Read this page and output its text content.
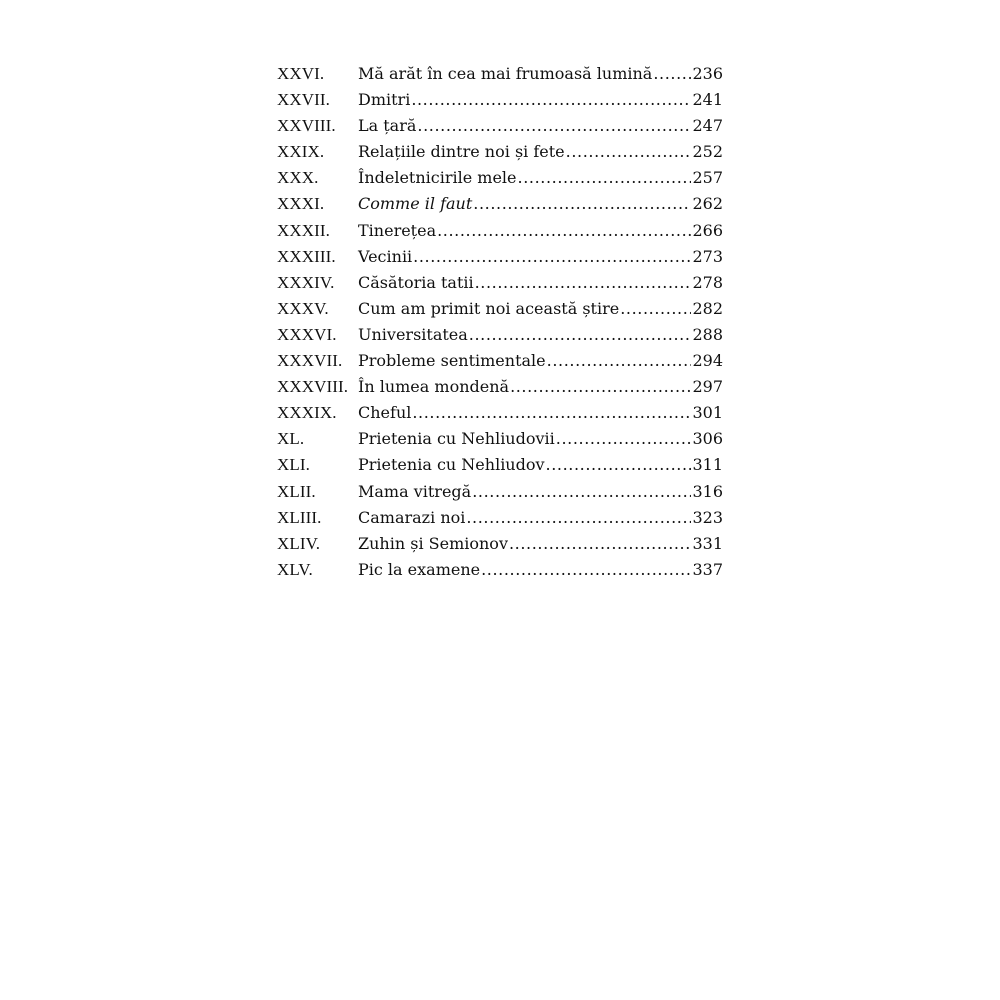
XXVI.	Mă arăt în cea mai frumoasă lumină .....	236
XXVII.	Dmitri .....	241
XXVIII.	La țară .....	247
XXIX.	Relațiile dintre noi și fete .....	252
XXX.	Îndeletnicirile mele .....	257
XXXI.	Comme il faut .....	262
XXXII.	Tinerețea .....	266
XXXIII.	Vecinii .....	273
XXXIV.	Căsătoria tatii .....	278
XXXV.	Cum am primit noi această știre .....	282
XXXVI.	Universitatea .....	288
XXXVII. Probleme sentimentale .....	294
XXXVIII. În lumea mondenă .....	297
XXXIX.	Cheful .....	301
XL.	Prietenia cu Nehliudovii .....	306
XLI.	Prietenia cu Nehliudov .....	311
XLII.	Mama vitregă .....	316
XLIII.	Camarazi noi .....	323
XLIV.	Zuhin și Semionov .....	331
XLV.	Pic la examene .....	337
